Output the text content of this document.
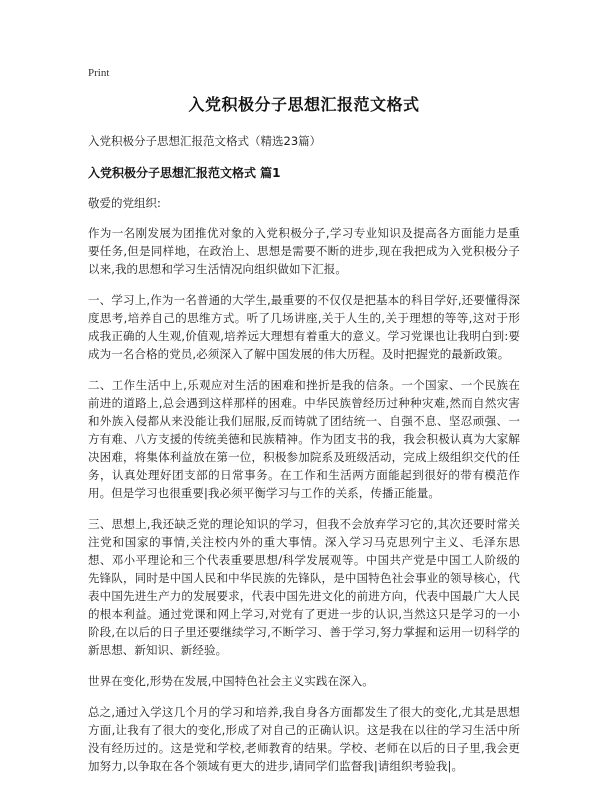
Print
入党积极分子思想汇报范文格式
入党积极分子思想汇报范文格式（精选23篇）
入党积极分子思想汇报范文格式 篇1
敬爱的党组织:

作为一名刚发展为团推优对象的入党积极分子,学习专业知识及提高各方面能力是重要任务,但是同样地，在政治上、思想是需要不断的进步,现在我把成为入党积极分子以来,我的思想和学习生活情况向组织做如下汇报。

一、学习上,作为一名普通的大学生,最重要的不仅仅是把基本的科目学好,还要懂得深度思考,培养自己的思维方式。听了几场讲座,关于人生的,关于理想的等等,这对于形成我正确的人生观,价值观,培养远大理想有着重大的意义。学习党课也让我明白到:要成为一名合格的党员,必须深入了解中国发展的伟大历程。及时把握党的最新政策。

二、工作生活中上,乐观应对生活的困难和挫折是我的信条。一个国家、一个民族在前进的道路上,总会遇到这样那样的困难。中华民族曾经历过种种灾难,然而自然灾害和外族入侵都从来没能让我们屈服,反而铸就了团结统一、自强不息、坚忍顽强、一方有难、八方支援的传统美德和民族精神。作为团支书的我，我会积极认真为大家解决困难，将集体利益放在第一位，积极参加院系及班级活动，完成上级组织交代的任务，认真处理好团支部的日常事务。在工作和生活两方面能起到很好的带有模范作用。但是学习也很重要|我必须平衡学习与工作的关系，传播正能量。

三、思想上,我还缺乏党的理论知识的学习，但我不会放弃学习它的,其次还要时常关注党和国家的事情,关注校内外的重大事情。深入学习马克思列宁主义、毛泽东思想、邓小平理论和三个代表重要思想/科学发展观等。中国共产党是中国工人阶级的先锋队，同时是中国人民和中华民族的先锋队，是中国特色社会事业的领导核心，代表中国先进生产力的发展要求，代表中国先进文化的前进方向，代表中国最广大人民的根本利益。通过党课和网上学习,对党有了更进一步的认识,当然这只是学习的一小阶段,在以后的日子里还要继续学习,不断学习、善于学习,努力掌握和运用一切科学的新思想、新知识、新经验。

世界在变化,形势在发展,中国特色社会主义实践在深入。

总之,通过入学这几个月的学习和培养,我自身各方面都发生了很大的变化,尤其是思想方面,让我有了很大的变化,形成了对自己的正确认识。这是我在以往的学习生活中所没有经历过的。这是党和学校,老师教育的结果。学校、老师在以后的日子里,我会更加努力,以争取在各个领域有更大的进步,请同学们监督我|请组织考验我|。
